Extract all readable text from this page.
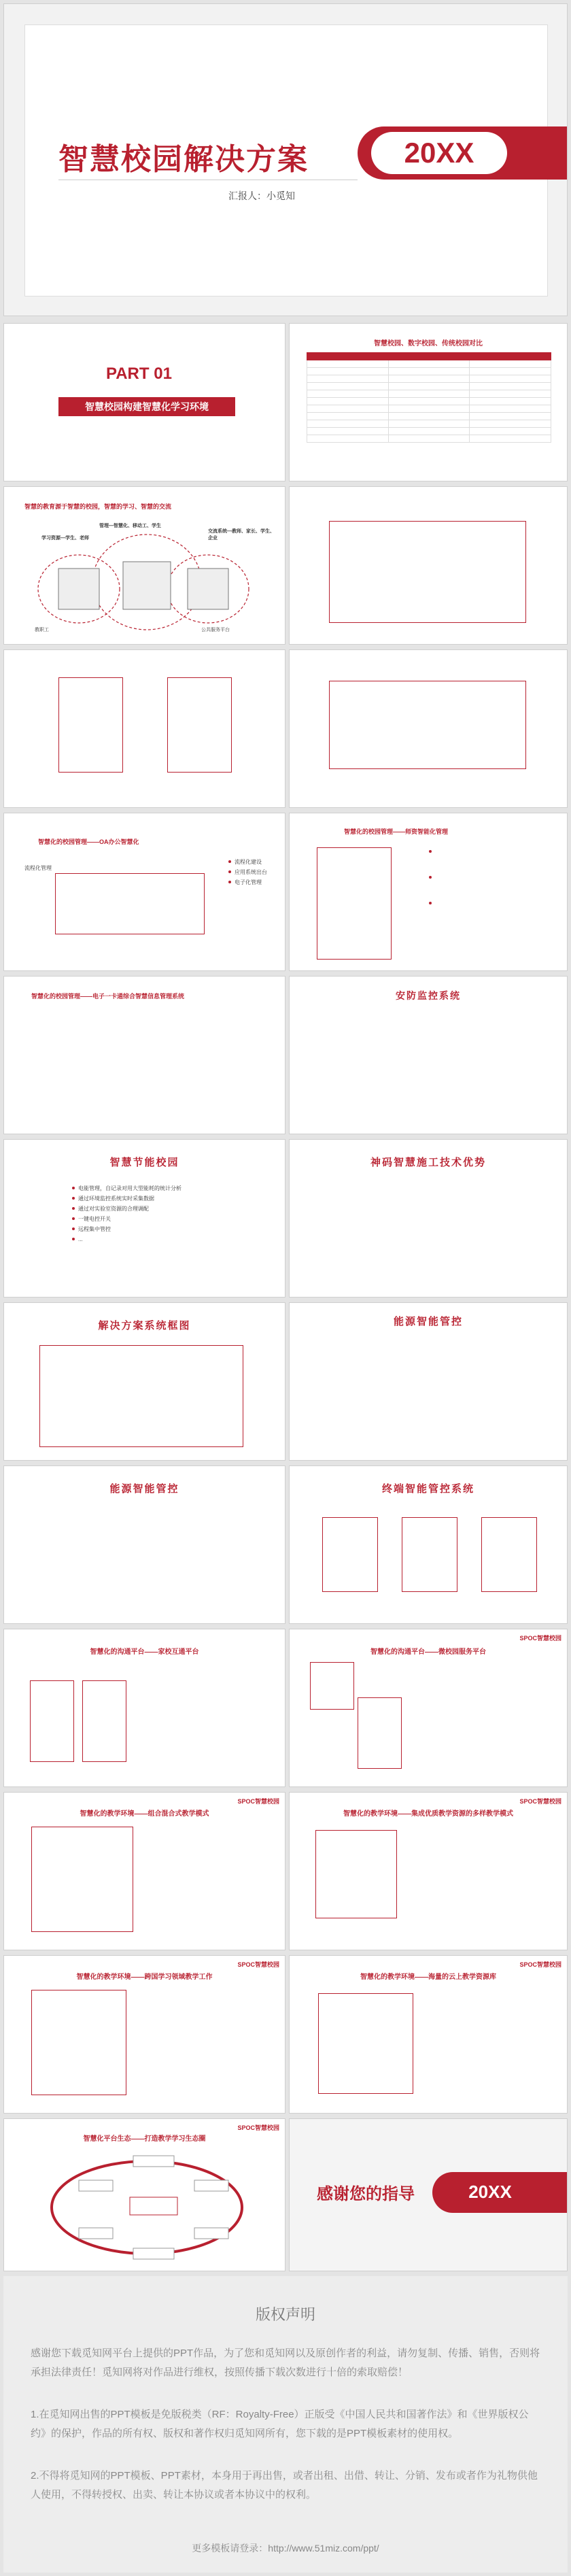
智慧校园解决方案	20XX
汇报人：小觅知
PART 01
智慧校园构建智慧化学习环境
智慧校园、数字校园、传统校园对比

智慧的教育源于智慧的校园，智慧的学习、智慧的交流
管理—智慧化、移动工、学生
学习资源—学生、老师
交流系统—教师、家长、学生、企业
教职工	公共服务平台
智慧化的校园管理——OA办公智慧化
流程化管理
流程化建设
应用系统出台
电子化管理
智慧化的校园管理——师资智能化管理
智慧化的校园管理——电子一卡通综合智慧信息管理系统	安防监控系统
智慧节能校园
电能管理，自记录对用大型能耗的统计分析
通过环境监控系统实时采集数据
通过对实验室资源的合理调配
一键电控开关
远程集中管控
...
神码智慧施工技术优势
解决方案系统框图	能源智能管控
能源智能管控	终端智能管控系统
智慧化的沟通平台——家校互通平台
SPOC智慧校园
智慧化的沟通平台——微校园服务平台
SPOC智慧校园
智慧化的教学环境——组合混合式教学模式
SPOC智慧校园
智慧化的教学环境——集成优质教学资源的多样教学模式
SPOC智慧校园
智慧化的教学环境——跨国学习领域教学工作
SPOC智慧校园
智慧化的教学环境——海量的云上教学资源库
SPOC智慧校园
智慧化平台生态——打造教学学习生态圈
感谢您的指导	20XX
版权声明
感谢您下载觅知网平台上提供的PPT作品，为了您和觅知网以及原创作者的利益，请勿复制、传播、销售，否则将承担法律责任！觅知网将对作品进行维权，按照传播下载次数进行十倍的索取赔偿！
1.在觅知网出售的PPT模板是免版税类（RF：Royalty-Free）正版受《中国人民共和国著作法》和《世界版权公约》的保护，作品的所有权、版权和著作权归觅知网所有，您下载的是PPT模板素材的使用权。
2.不得将觅知网的PPT模板、PPT素材，本身用于再出售，或者出租、出借、转让、分销、发布或者作为礼物供他人使用，不得转授权、出卖、转让本协议或者本协议中的权利。
更多模板请登录：http://www.51miz.com/ppt/
